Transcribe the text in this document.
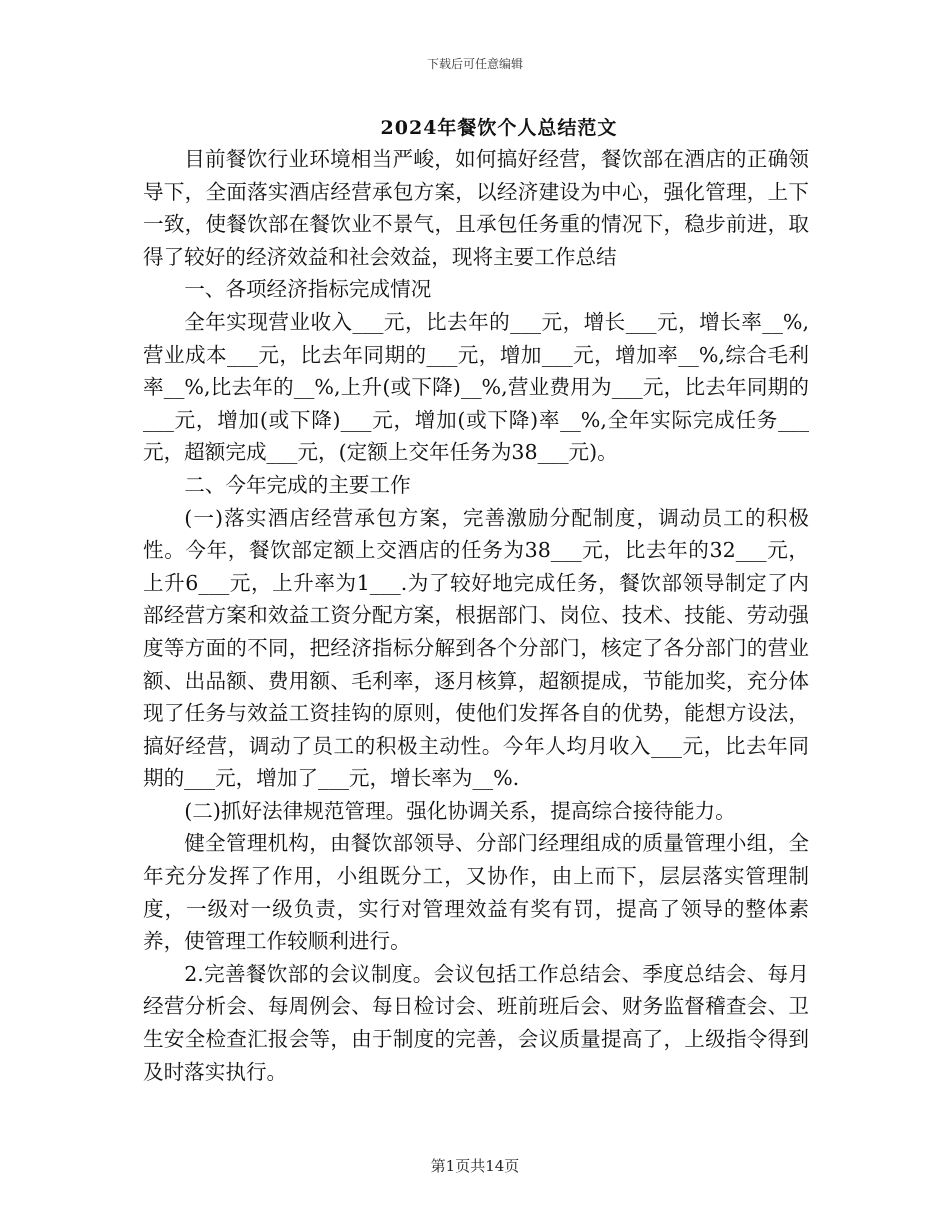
下载后可任意编辑
2024年餐饮个人总结范文

目前餐饮行业环境相当严峻，如何搞好经营，餐饮部在酒店的正确领导下，全面落实酒店经营承包方案，以经济建设为中心，强化管理，上下一致，使餐饮部在餐饮业不景气，且承包任务重的情况下，稳步前进，取得了较好的经济效益和社会效益，现将主要工作总结

一、各项经济指标完成情况

全年实现营业收入___元，比去年的___元，增长___元，增长率__%,营业成本___元，比去年同期的___元，增加___元，增加率__%,综合毛利率__%,比去年的__%,上升(或下降)__%,营业费用为___元，比去年同期的___元，增加(或下降)___元，增加(或下降)率__%,全年实际完成任务___元，超额完成___元，(定额上交年任务为38___元)。

二、今年完成的主要工作

(一)落实酒店经营承包方案，完善激励分配制度，调动员工的积极性。今年，餐饮部定额上交酒店的任务为38___元，比去年的32___元，上升6___元，上升率为1___.为了较好地完成任务，餐饮部领导制定了内部经营方案和效益工资分配方案，根据部门、岗位、技术、技能、劳动强度等方面的不同，把经济指标分解到各个分部门，核定了各分部门的营业额、出品额、费用额、毛利率，逐月核算，超额提成，节能加奖，充分体现了任务与效益工资挂钩的原则，使他们发挥各自的优势，能想方设法，搞好经营，调动了员工的积极主动性。今年人均月收入___元，比去年同期的___元，增加了___元，增长率为__%.

(二)抓好法律规范管理。强化协调关系，提高综合接待能力。

健全管理机构，由餐饮部领导、分部门经理组成的质量管理小组，全年充分发挥了作用，小组既分工，又协作，由上而下，层层落实管理制度，一级对一级负责，实行对管理效益有奖有罚，提高了领导的整体素养，使管理工作较顺利进行。

2.完善餐饮部的会议制度。会议包括工作总结会、季度总结会、每月经营分析会、每周例会、每日检讨会、班前班后会、财务监督稽查会、卫生安全检查汇报会等，由于制度的完善，会议质量提高了，上级指令得到及时落实执行。

第1页共14页
